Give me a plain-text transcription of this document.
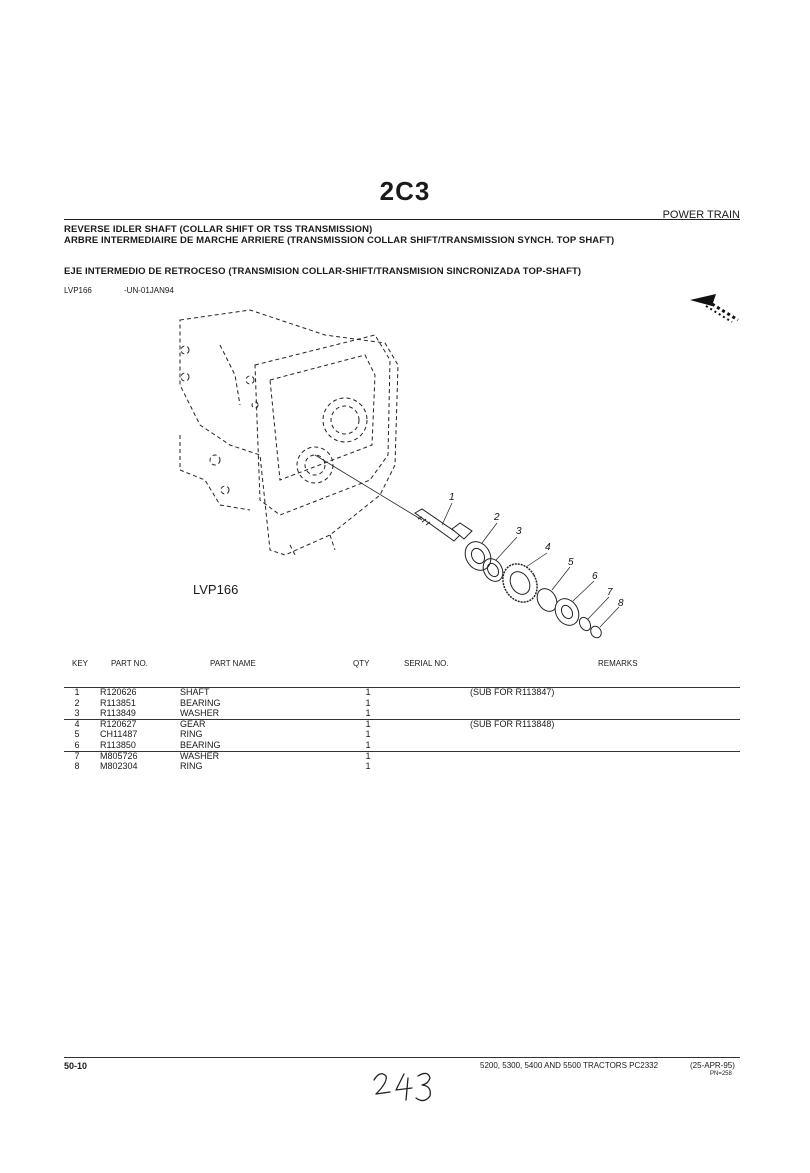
2C3
POWER TRAIN
REVERSE IDLER SHAFT (COLLAR SHIFT OR TSS TRANSMISSION)
ARBRE INTERMEDIAIRE DE MARCHE ARRIERE (TRANSMISSION COLLAR SHIFT/TRANSMISSION SYNCH. TOP SHAFT)
EJE INTERMEDIO DE RETROCESO (TRANSMISION COLLAR-SHIFT/TRANSMISION SINCRONIZADA TOP-SHAFT)
LVP166	-UN-01JAN94
1
2
3
4
5
6
7
8
LVP166
KEY	PART NO.	PART NAME	QTY	SERIAL NO.	REMARKS
1 R120626	SHAFT	1	(SUB FOR R113847)
2 R113851	BEARING	1
3 R113849	WASHER	1
4 R120627	GEAR	1	(SUB FOR R113848)
5 CH11487	RING	1
6 R113850	BEARING	1
7 M805726	WASHER	1
8 M802304	RING	1
50-10	5200, 5300, 5400 AND 5500 TRACTORS PC2332	(25-APR-95)
PN=258
